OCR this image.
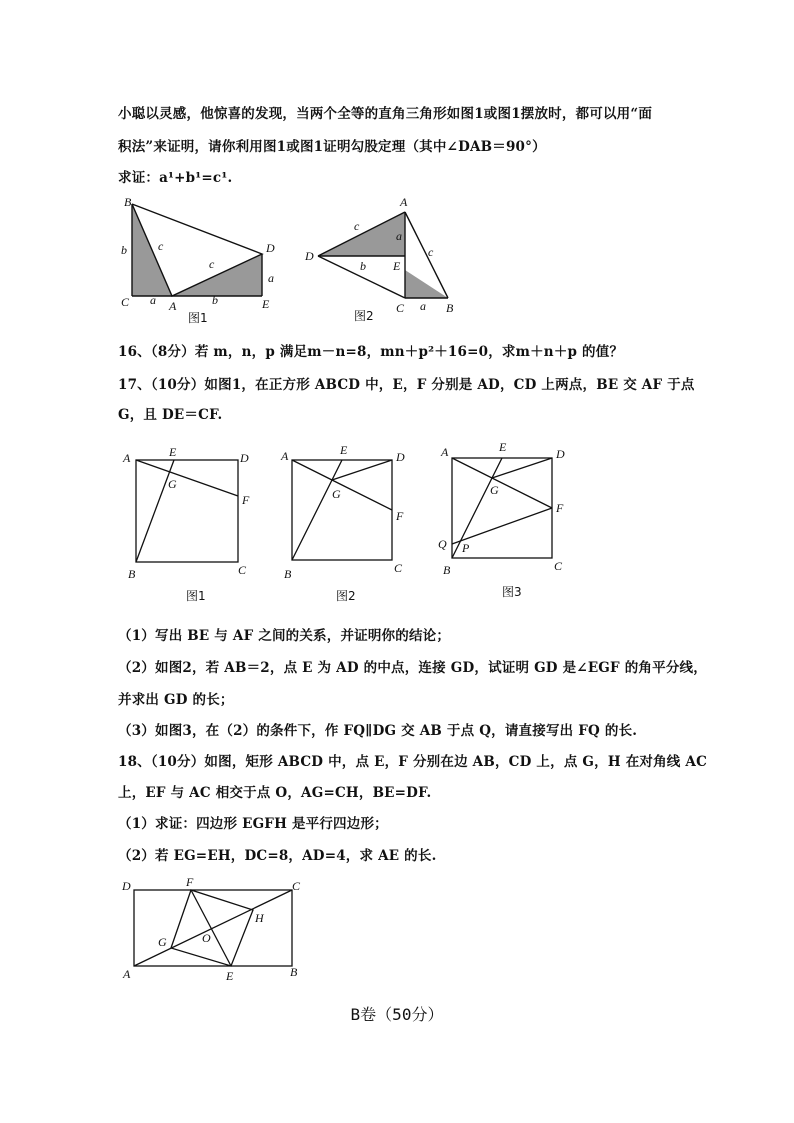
小聪以灵感，他惊喜的发现，当两个全等的直角三角形如图1或图1摆放时，都可以用“面
积法”来证明，请你利用图1或图1证明勾股定理（其中∠DAB＝90°）
求证：a¹+b¹=c¹.
B
C	A
D
E
b	c
c
a
a
b
图1
A
D
E
C	B
c
c
a
a
b
图2
16、（8分）若 m，n，p 满足m－n=8，mn＋p²＋16=0，求m＋n＋p 的值？
17、（10分）如图1，在正方形 ABCD 中，E，F 分别是 AD，CD 上两点，BE 交 AF 于点
G，且 DE＝CF.
A	E	D
G
F
B	C
图1
A	E	D
G
F
B	C
图2
A	E	D
G
F
Q P
B	C
图3
（1）写出 BE 与 AF 之间的关系，并证明你的结论；
（2）如图2，若 AB＝2，点 E 为 AD 的中点，连接 GD，试证明 GD 是∠EGF 的角平分线，
并求出 GD 的长；
（3）如图3，在（2）的条件下，作 FQ∥DG 交 AB 于点 Q，请直接写出 FQ 的长.
18、（10分）如图，矩形 ABCD 中，点 E，F 分别在边 AB，CD 上，点 G，H 在对角线 AC
上，EF 与 AC 相交于点 O，AG=CH，BE=DF.
（1）求证：四边形 EGFH 是平行四边形；
（2）若 EG=EH，DC=8，AD=4，求 AE 的长.
D	F	C
H
G	O
A	E	B
B卷（50分）
